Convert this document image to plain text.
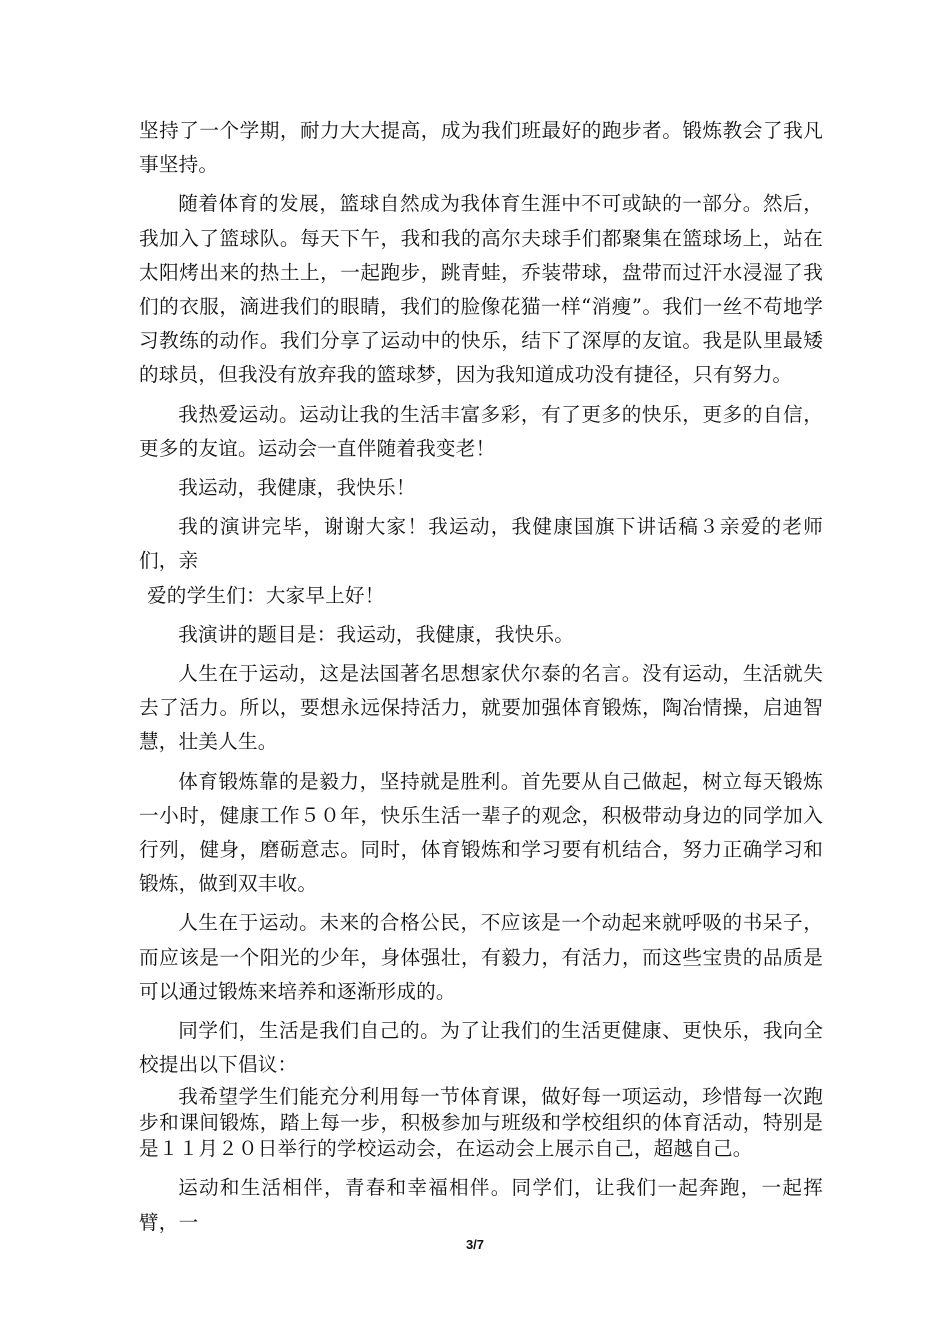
坚持了一个学期，耐力大大提高，成为我们班最好的跑步者。锻炼教会了我凡事坚持。

随着体育的发展，篮球自然成为我体育生涯中不可或缺的一部分。然后，我加入了篮球队。每天下午，我和我的高尔夫球手们都聚集在篮球场上，站在太阳烤出来的热土上，一起跑步，跳青蛙，乔装带球，盘带而过汗水浸湿了我们的衣服，滴进我们的眼睛，我们的脸像花猫一样“消瘦”。我们一丝不苟地学习教练的动作。我们分享了运动中的快乐，结下了深厚的友谊。我是队里最矮的球员，但我没有放弃我的篮球梦，因为我知道成功没有捷径，只有努力。

我热爱运动。运动让我的生活丰富多彩，有了更多的快乐，更多的自信，更多的友谊。运动会一直伴随着我变老！

我运动，我健康，我快乐！

我的演讲完毕，谢谢大家！我运动，我健康国旗下讲话稿３亲爱的老师们，亲

爱的学生们：大家早上好！

我演讲的题目是：我运动，我健康，我快乐。

人生在于运动，这是法国著名思想家伏尔泰的名言。没有运动，生活就失去了活力。所以，要想永远保持活力，就要加强体育锻炼，陶冶情操，启迪智慧，壮美人生。

体育锻炼靠的是毅力，坚持就是胜利。首先要从自己做起，树立每天锻炼一小时，健康工作５０年，快乐生活一辈子的观念，积极带动身边的同学加入行列，健身，磨砺意志。同时，体育锻炼和学习要有机结合，努力正确学习和锻炼，做到双丰收。

人生在于运动。未来的合格公民，不应该是一个动起来就呼吸的书呆子，而应该是一个阳光的少年，身体强壮，有毅力，有活力，而这些宝贵的品质是可以通过锻炼来培养和逐渐形成的。

同学们，生活是我们自己的。为了让我们的生活更健康、更快乐，我向全校提出以下倡议：

我希望学生们能充分利用每一节体育课，做好每一项运动，珍惜每一次跑步和课间锻炼，踏上每一步，积极参加与班级和学校组织的体育活动，特别是是１１月２０日举行的学校运动会，在运动会上展示自己，超越自己。

运动和生活相伴，青春和幸福相伴。同学们，让我们一起奔跑，一起挥臂，一

3/7
